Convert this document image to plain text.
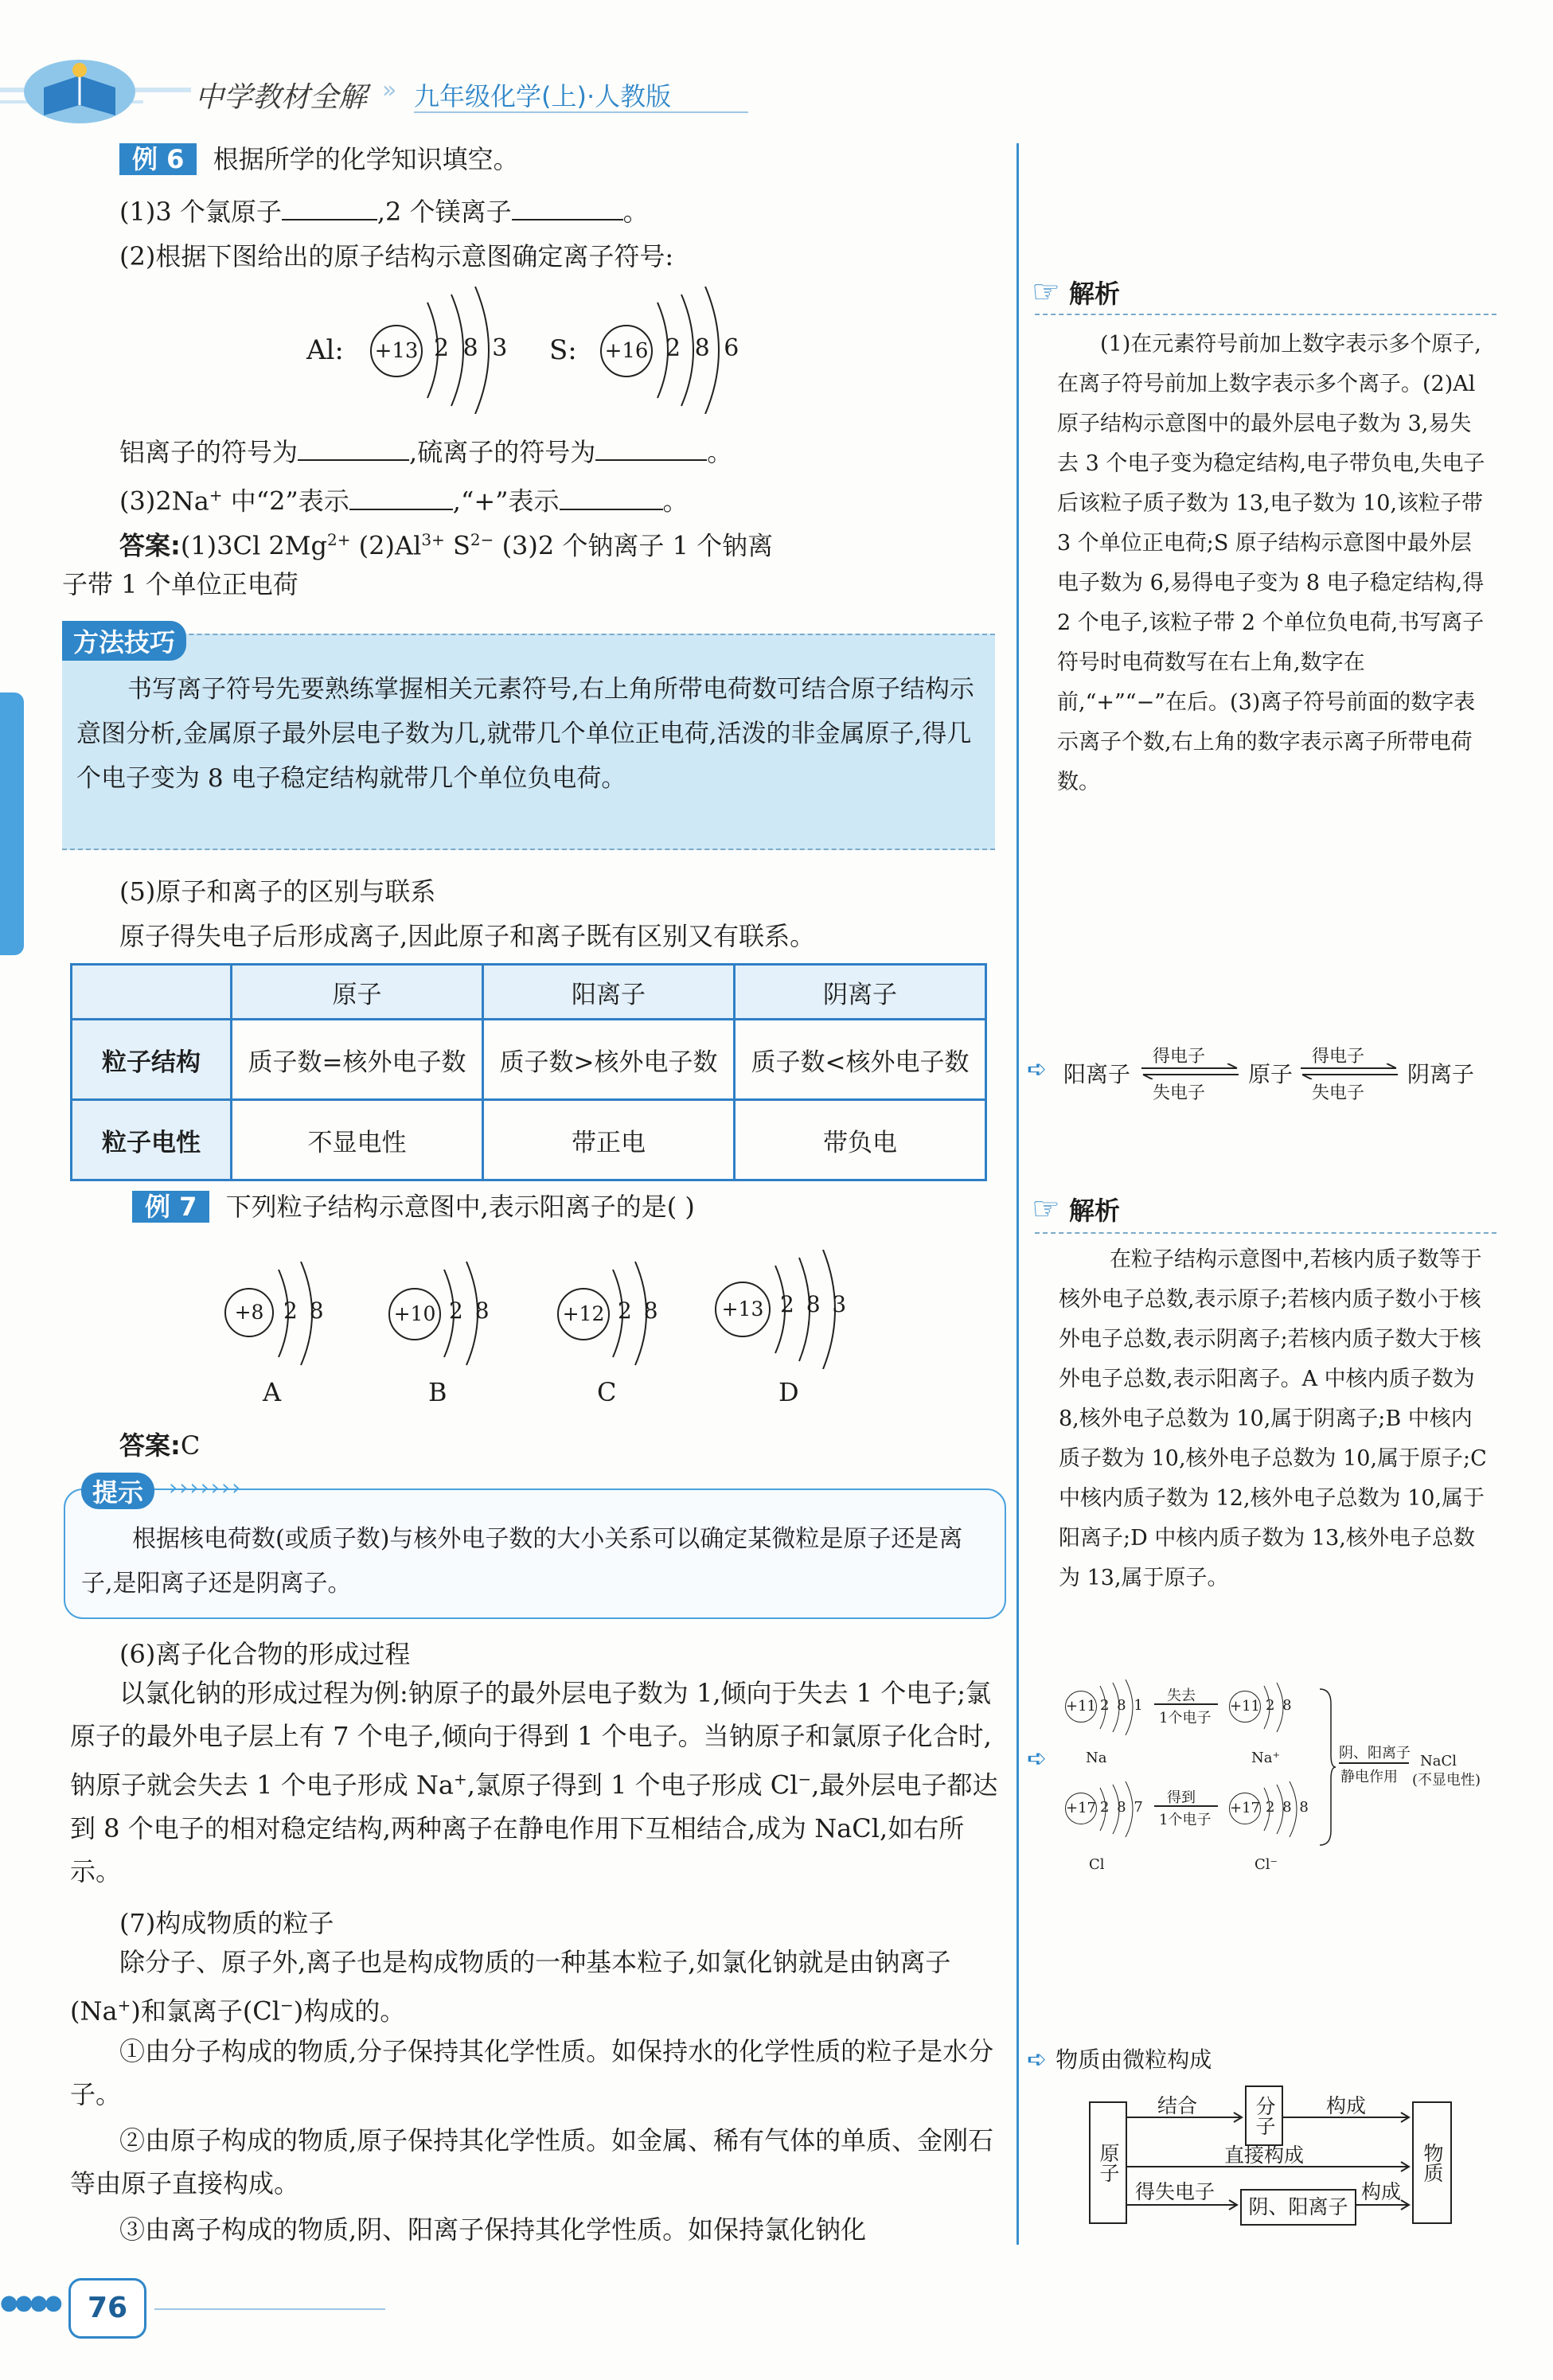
中学教材全解 » 九年级化学(上)·人教版
例 6 根据所学的化学知识填空。
(1)3 个氯原子	,2 个镁离子	。
(2)根据下图给出的原子结构示意图确定离子符号:
Al: +13 2 8 3 S: +16 2 8 6
铝离子的符号为	,硫离子的符号为	。
(3)2Na+ 中“2”表示	,“+”表示	。
答案:(1)3Cl $2Mg^{2+}$ $(2)Al^{3+}$ $S^{2-}$ (3)2 个钠离子 1 个钠离
子带 1 个单位正电荷
方法技巧
书写离子符号先要熟练掌握相关元素符号,右上角所带电荷数可结合原子结构示意图分析,金属原子最外层电子数为几,就带几个单位正电荷,活泼的非金属原子,得几个电子变为 8 电子稳定结构就带几个单位负电荷。
(5)原子和离子的区别与联系
原子得失电子后形成离子,因此原子和离子既有区别又有联系。
	原子	阳离子	阴离子
粒子结构	质子数=核外电子数	质子数>核外电子数	质子数<核外电子数
粒子电性	不显电性	带正电	带负电
例 7 下列粒子结构示意图中,表示阳离子的是( )
+8 2 8
A
+10 2 8
B
+12 2 8
C
+13 2 8 3
D
答案:C
提示	›››››››
根据核电荷数(或质子数)与核外电子数的大小关系可以确定某微粒是原子还是离子,是阳离子还是阴离子。
(6)离子化合物的形成过程
以氯化钠的形成过程为例:钠原子的最外层电子数为 1,倾向于失去 1 个电子;氯原子的最外电子层上有 7 个电子,倾向于得到 1 个电子。当钠原子和氯原子化合时,钠原子就会失去 1 个电子形成 Na+,氯原子得到 1 个电子形成 Cl−,最外层电子都达到 8 个电子的相对稳定结构,两种离子在静电作用下互相结合,成为 NaCl,如右所示。
(7)构成物质的粒子
除分子、原子外,离子也是构成物质的一种基本粒子,如氯化钠就是由钠离子(Na+)和氯离子(Cl−)构成的。
①由分子构成的物质,分子保持其化学性质。如保持水的化学性质的粒子是水分子。
②由原子构成的物质,原子保持其化学性质。如金属、稀有气体的单质、金刚石等由原子直接构成。
③由离子构成的物质,阴、阳离子保持其化学性质。如保持氯化钠化
☞ 解析
(1)在元素符号前加上数字表示多个原子,在离子符号前加上数字表示多个离子。(2)Al 原子结构示意图中的最外层电子数为 3,易失去 3 个电子变为稳定结构,电子带负电,失电子后该粒子质子数为 13,电子数为 10,该粒子带 3 个单位正电荷;S 原子结构示意图中最外层电子数为 6,易得电子变为 8 电子稳定结构,得 2 个电子,该粒子带 2 个单位负电荷,书写离子符号时电荷数写在右上角,数字在前,“+”“−”在后。(3)离子符号前面的数字表示离子个数,右上角的数字表示离子所带电荷数。
➪ 阳离子
得电子
失电子
原子
得电子
失电子
阴离子
☞ 解析
在粒子结构示意图中,若核内质子数等于核外电子总数,表示原子;若核内质子数小于核外电子总数,表示阴离子;若核内质子数大于核外电子总数,表示阳离子。A 中核内质子数为 8,核外电子总数为 10,属于阴离子;B 中核内质子数为 10,核外电子总数为 10,属于原子;C 中核内质子数为 12,核外电子总数为 10,属于阳离子;D 中核内质子数为 13,核外电子总数为 13,属于原子。
➪
+11 2 8 1
Na
失去
1个电子
+11 2 8
Na⁺
+17 2 8 7
Cl
得到
1个电子
+17 2 8 8
Cl⁻
阴、阳离子
静电作用
NaCl
(不显电性)
➪ 物质由微粒构成
原子
分子
物质
阴、阳离子
结合	构成
直接构成
得失电子	构成
●●●● 76
